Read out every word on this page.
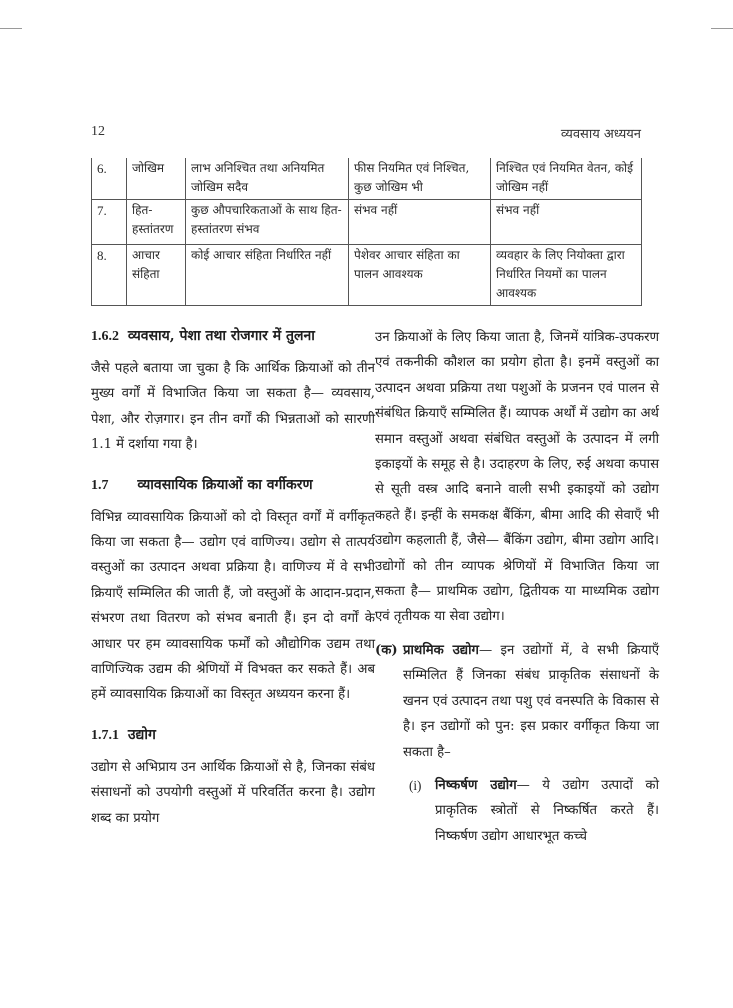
12	व्यवसाय अध्ययन
6.	जोखिम	लाभ अनिश्चित तथा अनियमित जोखिम सदैव	फीस नियमित एवं निश्चित, कुछ जोखिम भी	निश्चित एवं नियमित वेतन, कोई जोखिम नहीं
7.	हित-हस्तांतरण	कुछ औपचारिकताओं के साथ हित-हस्तांतरण संभव	संभव नहीं	संभव नहीं
8.	आचार संहिता	कोई आचार संहिता निर्धारित नहीं	पेशेवर आचार संहिता का पालन आवश्यक	व्यवहार के लिए नियोक्ता द्वारा निर्धारित नियमों का पालन आवश्यक
1.6.2 व्यवसाय, पेशा तथा रोजगार में तुलना

जैसे पहले बताया जा चुका है कि आर्थिक क्रियाओं को तीन मुख्य वर्गों में विभाजित किया जा सकता है— व्यवसाय, पेशा, और रोज़गार। इन तीन वर्गों की भिन्नताओं को सारणी 1.1 में दर्शाया गया है।

1.7 व्यावसायिक क्रियाओं का वर्गीकरण

विभिन्न व्यावसायिक क्रियाओं को दो विस्तृत वर्गों में वर्गीकृत किया जा सकता है— उद्योग एवं वाणिज्य। उद्योग से तात्पर्य वस्तुओं का उत्पादन अथवा प्रक्रिया है। वाणिज्य में वे सभी क्रियाएँ सम्मिलित की जाती हैं, जो वस्तुओं के आदान-प्रदान, संभरण तथा वितरण को संभव बनाती हैं। इन दो वर्गों के आधार पर हम व्यावसायिक फर्मों को औद्योगिक उद्यम तथा वाणिज्यिक उद्यम की श्रेणियों में विभक्त कर सकते हैं। अब हमें व्यावसायिक क्रियाओं का विस्तृत अध्ययन करना हैं।

1.7.1 उद्योग

उद्योग से अभिप्राय उन आर्थिक क्रियाओं से है, जिनका संबंध संसाधनों को उपयोगी वस्तुओं में परिवर्तित करना है। उद्योग शब्द का प्रयोग

उन क्रियाओं के लिए किया जाता है, जिनमें यांत्रिक-उपकरण एवं तकनीकी कौशल का प्रयोग होता है। इनमें वस्तुओं का उत्पादन अथवा प्रक्रिया तथा पशुओं के प्रजनन एवं पालन से संबंधित क्रियाएँ सम्मिलित हैं। व्यापक अर्थों में उद्योग का अर्थ समान वस्तुओं अथवा संबंधित वस्तुओं के उत्पादन में लगी इकाइयों के समूह से है। उदाहरण के लिए, रुई अथवा कपास से सूती वस्त्र आदि बनाने वाली सभी इकाइयों को उद्योग कहते हैं। इन्हीं के समकक्ष बैंकिंग, बीमा आदि की सेवाएँ भी उद्योग कहलाती हैं, जैसे— बैंकिंग उद्योग, बीमा उद्योग आदि। उद्योगों को तीन व्यापक श्रेणियों में विभाजित किया जा सकता है— प्राथमिक उद्योग, द्वितीयक या माध्यमिक उद्योग एवं तृतीयक या सेवा उद्योग।

(क) प्राथमिक उद्योग— इन उद्योगों में, वे सभी क्रियाएँ सम्मिलित हैं जिनका संबंध प्राकृतिक संसाधनों के खनन एवं उत्पादन तथा पशु एवं वनस्पति के विकास से है। इन उद्योगों को पुन: इस प्रकार वर्गीकृत किया जा सकता है–
(i) निष्कर्षण उद्योग— ये उद्योग उत्पादों को प्राकृतिक स्त्रोतों से निष्कर्षित करते हैं। निष्कर्षण उद्योग आधारभूत कच्चे
